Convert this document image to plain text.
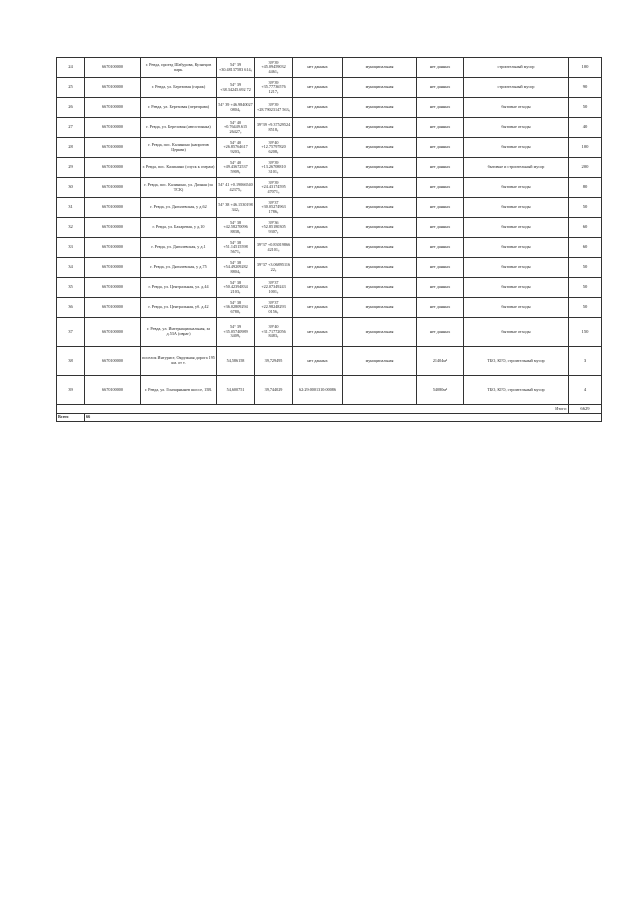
24	6670100000	г. Ревда, проезд Шабурова, Кузнецов парк.	54° 39 +30.48137583 614ₛ	39°39 +45.09459032 4461ₛ	нет данных	муниципальная	нет данных	строительный мусор	100
25	6670100000	г. Ревда, ул. Березовая (гараж)	54° 39 +38.34245.692 72	39°39 +35.77736576 1217ₛ	нет данных	муниципальная	нет данных	строительный мусор	90
26	6670100000	г. Ревда, ул. Березовая (переправа)	54° 39 +46.9840027 0804ₛ	39°39 +28.79023147 563ₛ	нет данных	муниципальная	нет данных	бытовые отходы	50
27	6670100000	г. Ревда, ул. Березовая (автостоянка)	54° 40 +0.76449.615 26427ₛ	39°39 +9.37529524 8518ₛ	нет данных	муниципальная	нет данных	бытовые отходы	40
28	6670100000	г. Ревда, пос. Калинино (напротив Церкви)	54° 40 +26.85764617 9203ₛ	39°40 +12.75797820 6208ₛ	нет данных	муниципальная	нет данных	бытовые отходы	100
29	6670100000	г. Ревда, пос. Калинино (спуск к озерам)	54° 40 +49.43672537 5909ₛ	39°39 +13.26708810 3101ₛ	нет данных	муниципальная	нет данных	бытовые и строительный мусор	200
30	6670100000	г. Ревда, пос. Калинино, ул. Дачная (за ТСК)	54° 41 +0.19066540 42375ₛ	39°39 +24.43174595 47071ₛ	нет данных	муниципальная	нет данных	бытовые отходы	80
31	6670100000	г. Ревда, ул. Дягилевская, у д.62	54° 38 +46.1530198 342ₛ	39°37 +30.05274963 1786ₛ	нет данных	муниципальная	нет данных	бытовые отходы	50
32	6670100000	г. Ревда, ул. Бахаревая, у д.10	54° 38 +42.58270096 8838ₛ	39°36 +52.85180305 9307ₛ	нет данных	муниципальная	нет данных	бытовые отходы	60
33	6670100000	г. Ревда, ул. Дягилевская, у д.1	54° 38 +51.14515598 5671ₛ	39°37 +0.83019866 42101ₛ	нет данных	муниципальная	нет данных	бытовые отходы	60
34	6670100000	г. Ревда, ул. Дягилевская, у д.75	54° 38 +54.49209282 8804ₛ	39°37 +3.06895116 22ₛ	нет данных	муниципальная	нет данных	бытовые отходы	50
35	6670100000	г. Ревда, ул. Центральная, ул. д.44	54° 38 +50.42394834 2103ₛ	39°37 +22.07349243 1001ₛ	нет данных	муниципальная	нет данных	бытовые отходы	50
36	6670100000	г. Ревда, ул. Центральная, уб. д.42	54° 38 +36.02809294 6780ₛ	39°37 +22.98248293 0156ₛ	нет данных	муниципальная	нет данных	бытовые отходы	50
37	6670100000	г. Ревда, ул. Интернациональная, за д.53А (овраг)	54° 39 +35.05740989 3409ₛ	39°40 +31.71772056 8483ₛ	нет данных	муниципальная	нет данных	бытовые отходы	150
38	6670100000	поселок Интурист, Окружная дорога 195 км. от т.	54,586158	39,729495	нет данных	муниципальная	21404м²	ТБО, КГО, строительный мусор	3
39	6670100000	г. Ревда, ул. Гончарнынев шоссе, 15В.	54,600751	39,744029	62:29:0001310:00086		54080м²	ТБО, КГО, строительный мусор	4
Итого:									6629
Всего	66								
